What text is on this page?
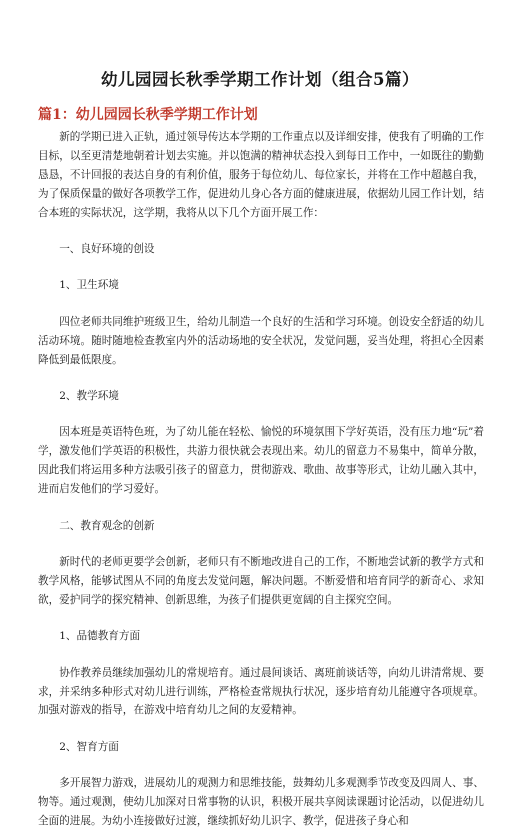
幼儿园园长秋季学期工作计划（组合5篇）
篇1：幼儿园园长秋季学期工作计划

新的学期已进入正轨，通过领导传达本学期的工作重点以及详细安排，使我有了明确的工作目标，以至更清楚地朝着计划去实施。并以饱满的精神状态投入到每日工作中，一如既往的勤勤恳恳，不计回报的表达自身的有利价值，服务于每位幼儿、每位家长，并将在工作中超越自我，为了保质保量的做好各项教学工作，促进幼儿身心各方面的健康进展，依据幼儿园工作计划，结合本班的实际状况，这学期，我将从以下几个方面开展工作：

一、良好环境的创设

1、卫生环境

四位老师共同维护班级卫生，给幼儿制造一个良好的生活和学习环境。创设安全舒适的幼儿活动环境。随时随地检查教室内外的活动场地的安全状况，发觉问题，妥当处理，将担心全因素降低到最低限度。

2、教学环境

因本班是英语特色班，为了幼儿能在轻松、愉悦的环境氛围下学好英语，没有压力地“玩”着学，激发他们学英语的积极性，共游力很快就会表现出来。幼儿的留意力不易集中，简单分散，因此我们将运用多种方法吸引孩子的留意力，贯彻游戏、歌曲、故事等形式，让幼儿融入其中，进而启发他们的学习爱好。

二、教育观念的创新

新时代的老师更要学会创新，老师只有不断地改进自己的工作，不断地尝试新的教学方式和教学风格，能够试图从不同的角度去发觉问题，解决问题。不断爱惜和培育同学的新奇心、求知欲，爱护同学的探究精神、创新思维，为孩子们提供更宽阔的自主探究空间。

1、品德教育方面

协作教养员继续加强幼儿的常规培育。通过晨间谈话、离班前谈话等，向幼儿讲清常规、要求，并采纳多种形式对幼儿进行训练，严格检查常规执行状况，逐步培育幼儿能遵守各项规章。加强对游戏的指导，在游戏中培育幼儿之间的友爱精神。

2、智育方面

多开展智力游戏，进展幼儿的观测力和思维技能，鼓舞幼儿多观测季节改变及四周人、事、物等。通过观测，使幼儿加深对日常事物的认识，积极开展共享阅读课题讨论活动，以促进幼儿全面的进展。为幼小连接做好过渡，继续抓好幼儿识字、教学，促进孩子身心和
